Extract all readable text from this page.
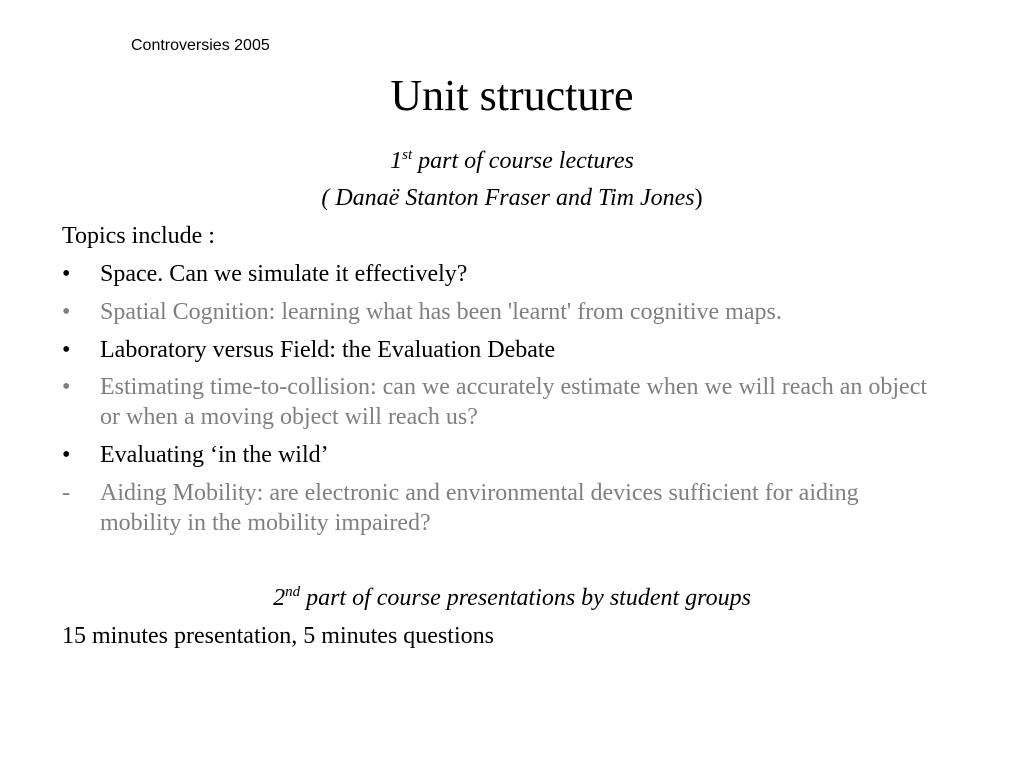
Controversies 2005
Unit structure
1st part of course lectures
( Danaë Stanton Fraser and Tim Jones)
Topics include :
•	Space. Can we simulate it effectively?
•	Spatial Cognition: learning what has been 'learnt' from cognitive maps.
•	Laboratory versus Field: the Evaluation Debate
•	Estimating time-to-collision: can we accurately estimate when we will reach an object or when a moving object will reach us?
•	Evaluating ‘in the wild’
-	Aiding Mobility: are electronic and environmental devices sufficient for aiding mobility in the mobility impaired?
2nd part of course presentations by student groups
15 minutes presentation, 5 minutes questions
